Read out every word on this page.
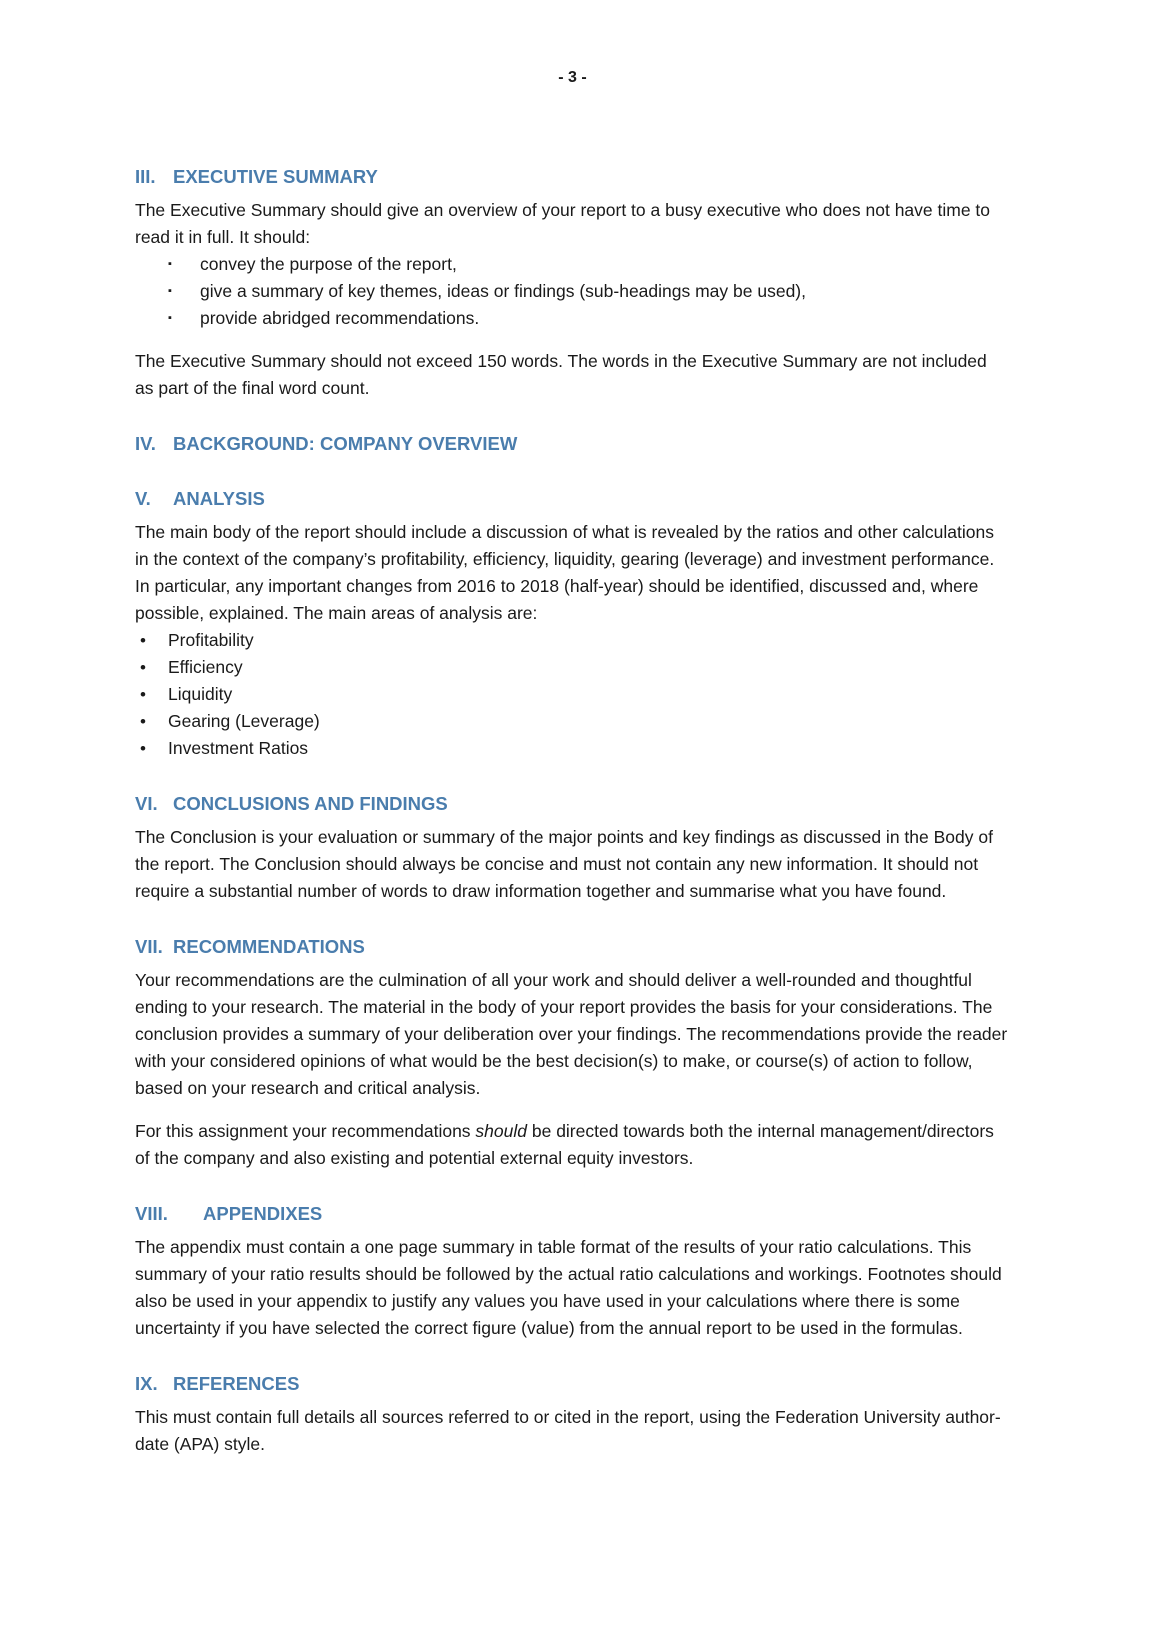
- 3 -
III. EXECUTIVE SUMMARY

The Executive Summary should give an overview of your report to a busy executive who does not have time to read it in full. It should:

▪	convey the purpose of the report,
▪	give a summary of key themes, ideas or findings (sub-headings may be used),
▪	provide abridged recommendations.

The Executive Summary should not exceed 150 words. The words in the Executive Summary are not included as part of the final word count.

IV. BACKGROUND: COMPANY OVERVIEW
V.	ANALYSIS

The main body of the report should include a discussion of what is revealed by the ratios and other calculations in the context of the company’s profitability, efficiency, liquidity, gearing (leverage) and investment performance. In particular, any important changes from 2016 to 2018 (half-year) should be identified, discussed and, where possible, explained. The main areas of analysis are:

•	Profitability
•	Efficiency
•	Liquidity
•	Gearing (Leverage)
•	Investment Ratios
VI. CONCLUSIONS AND FINDINGS

The Conclusion is your evaluation or summary of the major points and key findings as discussed in the Body of the report. The Conclusion should always be concise and must not contain any new information. It should not require a substantial number of words to draw information together and summarise what you have found.

VII. RECOMMENDATIONS

Your recommendations are the culmination of all your work and should deliver a well-rounded and thoughtful ending to your research. The material in the body of your report provides the basis for your considerations. The conclusion provides a summary of your deliberation over your findings. The recommendations provide the reader with your considered opinions of what would be the best decision(s) to make, or course(s) of action to follow, based on your research and critical analysis.

For this assignment your recommendations should be directed towards both the internal management/directors of the company and also existing and potential external equity investors.

VIII.	APPENDIXES

The appendix must contain a one page summary in table format of the results of your ratio calculations. This summary of your ratio results should be followed by the actual ratio calculations and workings. Footnotes should also be used in your appendix to justify any values you have used in your calculations where there is some uncertainty if you have selected the correct figure (value) from the annual report to be used in the formulas.

IX. REFERENCES

This must contain full details all sources referred to or cited in the report, using the Federation University author-date (APA) style.
